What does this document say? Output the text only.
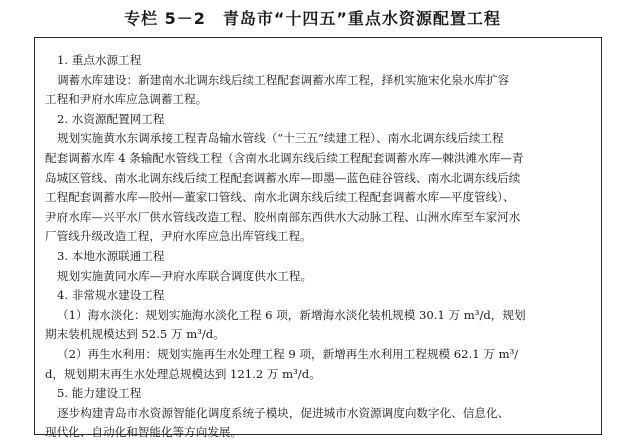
专栏 5－2　青岛市“十四五”重点水资源配置工程
1. 重点水源工程
调蓄水库建设：新建南水北调东线后续工程配套调蓄水库工程，择机实施宋化泉水库扩容
工程和尹府水库应急调蓄工程。
2. 水资源配置网工程
规划实施黄水东调承接工程青岛输水管线（“十三五”续建工程）、南水北调东线后续工程
配套调蓄水库 4 条输配水管线工程（含南水北调东线后续工程配套调蓄水库—棘洪滩水库—青
岛城区管线、南水北调东线后续工程配套调蓄水库—即墨—蓝色硅谷管线、南水北调东线后续
工程配套调蓄水库—胶州—董家口管线、南水北调东线后续工程配套调蓄水库—平度管线）、
尹府水库—兴平水厂供水管线改造工程、胶州南部东西供水大动脉工程、山洲水库至车家河水
厂管线升级改造工程，尹府水库应急出库管线工程。
3. 本地水源联通工程
规划实施黄同水库—尹府水库联合调度供水工程。
4. 非常规水建设工程
（1）海水淡化：规划实施海水淡化工程 6 项，新增海水淡化装机规模 30.1 万 m³/d，规划
期末装机规模达到 52.5 万 m³/d。
（2）再生水利用：规划实施再生水处理工程 9 项，新增再生水利用工程规模 62.1 万 m³/
d，规划期末再生水处理总规模达到 121.2 万 m³/d。
5. 能力建设工程
逐步构建青岛市水资源智能化调度系统子模块，促进城市水资源调度向数字化、信息化、
现代化、自动化和智能化等方向发展。
